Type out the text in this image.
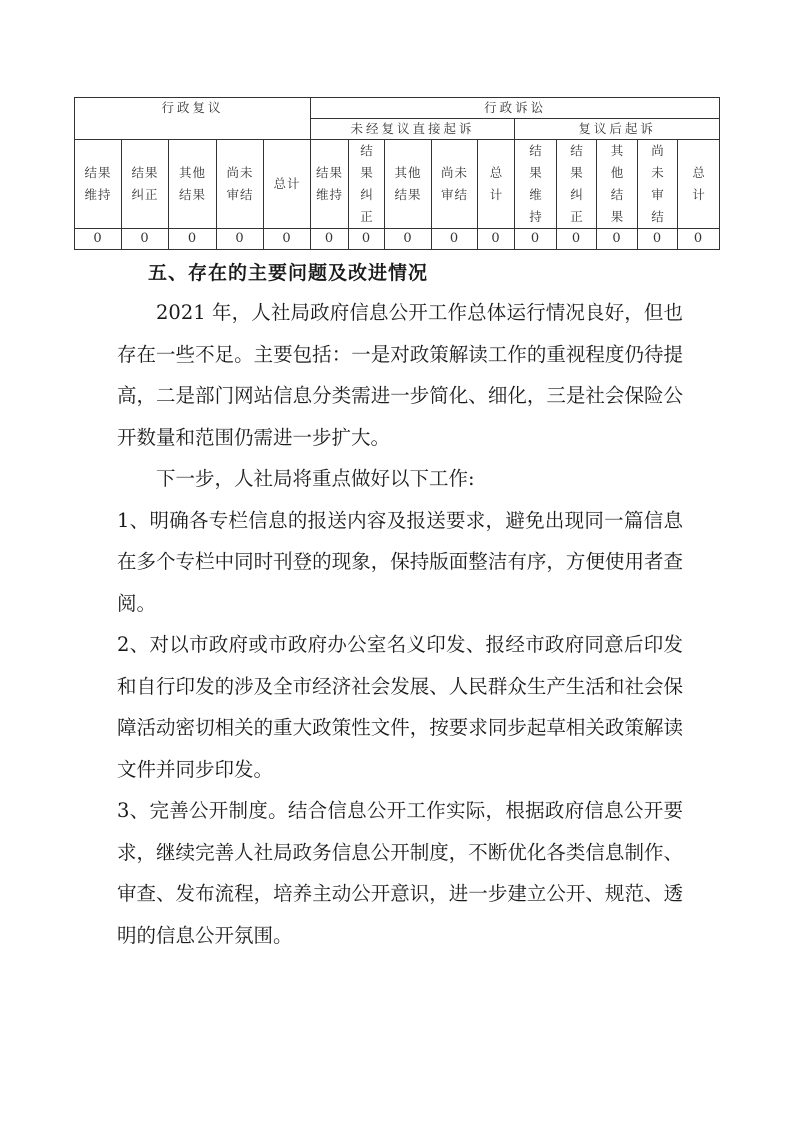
行政复议					行政诉讼									
					未经复议直接起诉					复议后起诉				
结果维持	结果纠正	其他结果	尚未审结	总计	结果维持	结果纠正	其他结果	尚未审结	总计	结果维持	结果纠正	其他结果	尚未审结	总计
0	0	0	0	0	0	0	0	0	0	0	0	0	0	0
五、存在的主要问题及改进情况

2021 年，人社局政府信息公开工作总体运行情况良好，但也存在一些不足。主要包括：一是对政策解读工作的重视程度仍待提高，二是部门网站信息分类需进一步简化、细化，三是社会保险公开数量和范围仍需进一步扩大。

下一步，人社局将重点做好以下工作:

1、明确各专栏信息的报送内容及报送要求，避免出现同一篇信息在多个专栏中同时刊登的现象，保持版面整洁有序，方便使用者查阅。

2、对以市政府或市政府办公室名义印发、报经市政府同意后印发和自行印发的涉及全市经济社会发展、人民群众生产生活和社会保障活动密切相关的重大政策性文件，按要求同步起草相关政策解读文件并同步印发。

3、完善公开制度。结合信息公开工作实际，根据政府信息公开要求，继续完善人社局政务信息公开制度，不断优化各类信息制作、审查、发布流程，培养主动公开意识，进一步建立公开、规范、透明的信息公开氛围。
